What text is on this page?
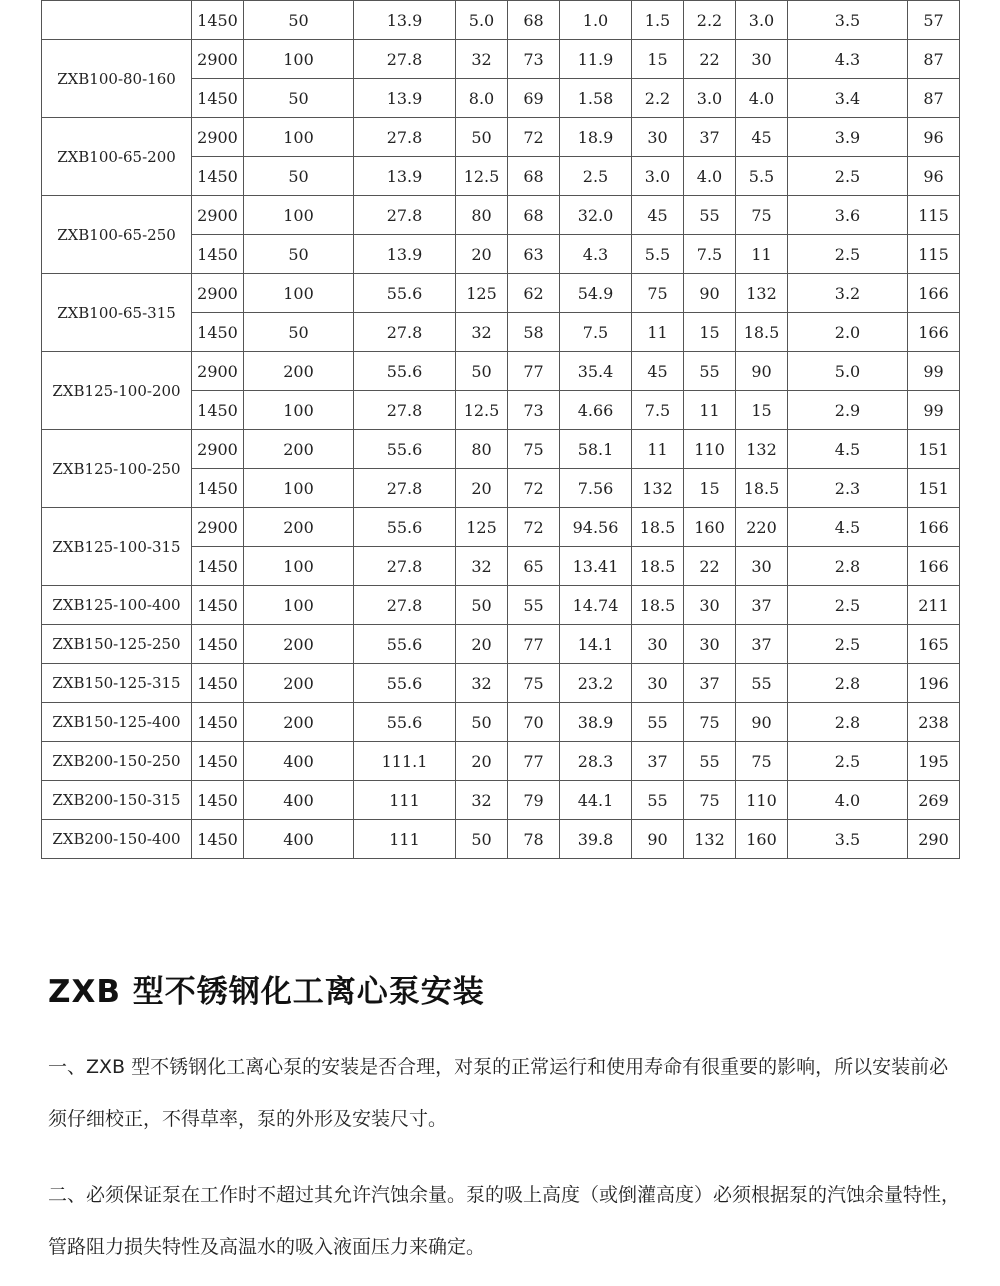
	1450	50	13.9	5.0	68	1.0	1.5	2.2	3.0	3.5	57
ZXB100-80-160	2900	100	27.8	32	73	11.9	15	22	30	4.3	87
	1450	50	13.9	8.0	69	1.58	2.2	3.0	4.0	3.4	87
ZXB100-65-200	2900	100	27.8	50	72	18.9	30	37	45	3.9	96
	1450	50	13.9	12.5	68	2.5	3.0	4.0	5.5	2.5	96
ZXB100-65-250	2900	100	27.8	80	68	32.0	45	55	75	3.6	115
	1450	50	13.9	20	63	4.3	5.5	7.5	11	2.5	115
ZXB100-65-315	2900	100	55.6	125	62	54.9	75	90	132	3.2	166
	1450	50	27.8	32	58	7.5	11	15	18.5	2.0	166
ZXB125-100-200	2900	200	55.6	50	77	35.4	45	55	90	5.0	99
	1450	100	27.8	12.5	73	4.66	7.5	11	15	2.9	99
ZXB125-100-250	2900	200	55.6	80	75	58.1	11	110	132	4.5	151
	1450	100	27.8	20	72	7.56	132	15	18.5	2.3	151
ZXB125-100-315	2900	200	55.6	125	72	94.56	18.5	160	220	4.5	166
	1450	100	27.8	32	65	13.41	18.5	22	30	2.8	166
ZXB125-100-400	1450	100	27.8	50	55	14.74	18.5	30	37	2.5	211
ZXB150-125-250	1450	200	55.6	20	77	14.1	30	30	37	2.5	165
ZXB150-125-315	1450	200	55.6	32	75	23.2	30	37	55	2.8	196
ZXB150-125-400	1450	200	55.6	50	70	38.9	55	75	90	2.8	238
ZXB200-150-250	1450	400	111.1	20	77	28.3	37	55	75	2.5	195
ZXB200-150-315	1450	400	111	32	79	44.1	55	75	110	4.0	269
ZXB200-150-400	1450	400	111	50	78	39.8	90	132	160	3.5	290
ZXB 型不锈钢化工离心泵安装

一、ZXB 型不锈钢化工离心泵的安装是否合理，对泵的正常运行和使用寿命有很重要的影响，所以安装前必须仔细校正，不得草率，泵的外形及安装尺寸。

二、必须保证泵在工作时不超过其允许汽蚀余量。泵的吸上高度（或倒灌高度）必须根据泵的汽蚀余量特性，管路阻力损失特性及高温水的吸入液面压力来确定。
